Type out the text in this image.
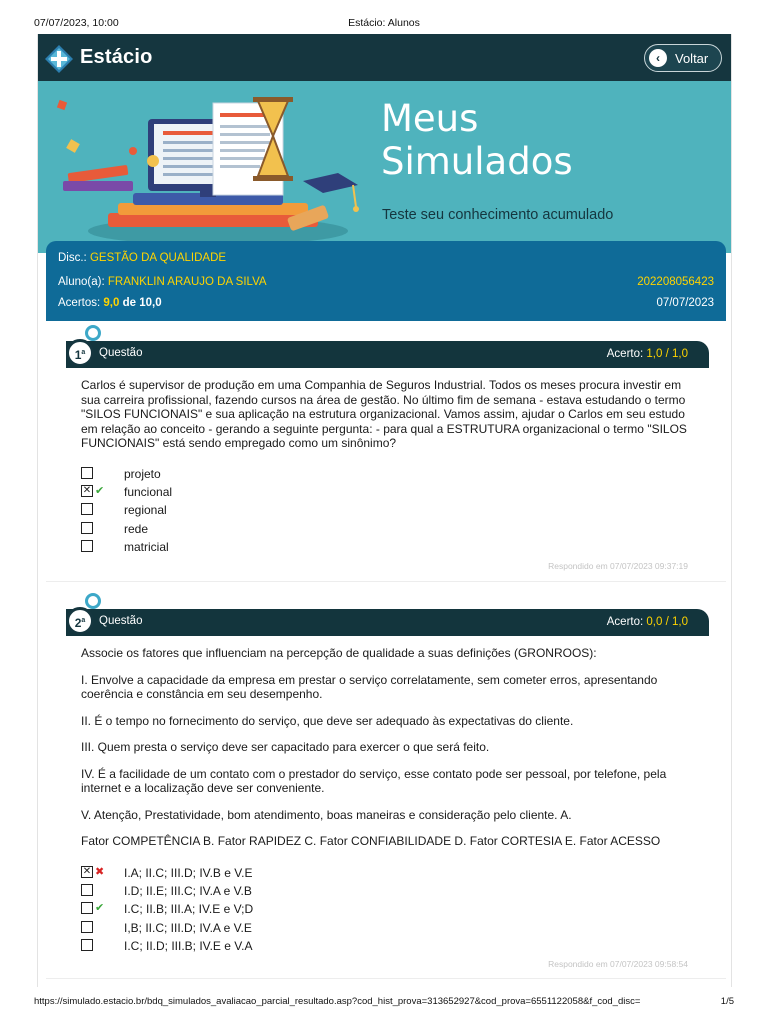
07/07/2023, 10:00	Estácio: Alunos
Estácio	‹	Voltar
Meus
Simulados
Teste seu conhecimento acumulado
Disc.: GESTÃO DA QUALIDADE
Aluno(a): FRANKLIN ARAUJO DA SILVA	202208056423
Acertos: 9,0 de 10,0	07/07/2023
1$^a$	Questão	Acerto: 1,0 / 1,0

Carlos é supervisor de produção em uma Companhia de Seguros Industrial. Todos os meses procura investir em sua carreira profissional, fazendo cursos na área de gestão. No último fim de semana - estava estudando o termo "SILOS FUNCIONAIS" e sua aplicação na estrutura organizacional. Vamos assim, ajudar o Carlos em seu estudo em relação ao conceito - gerando a seguinte pergunta: - para qual a ESTRUTURA organizacional o termo "SILOS FUNCIONAIS" está sendo empregado como um sinônimo?

projeto
✕ ✔ funcional
regional
rede
matricial
Respondido em 07/07/2023 09:37:19
2$^a$	Questão	Acerto: 0,0 / 1,0

Associe os fatores que influenciam na percepção de qualidade a suas definições (GRONROOS):

I. Envolve a capacidade da empresa em prestar o serviço correlatamente, sem cometer erros, apresentando coerência e constância em seu desempenho.

II. É o tempo no fornecimento do serviço, que deve ser adequado às expectativas do cliente.

III. Quem presta o serviço deve ser capacitado para exercer o que será feito.

IV. É a facilidade de um contato com o prestador do serviço, esse contato pode ser pessoal, por telefone, pela internet e a localização deve ser conveniente.

V. Atenção, Prestatividade, bom atendimento, boas maneiras e consideração pelo cliente. A.

Fator COMPETÊNCIA B. Fator RAPIDEZ C. Fator CONFIABILIDADE D. Fator CORTESIA E. Fator ACESSO

✕ ✖ I.A; II.C; III.D; IV.B e V.E
I.D; II.E; III.C; IV.A e V.B
✔ I.C; II.B; III.A; IV.E e V;D
I,B; II.C; III.D; IV.A e V.E
I.C; II.D; III.B; IV.E e V.A
Respondido em 07/07/2023 09:58:54
https://simulado.estacio.br/bdq_simulados_avaliacao_parcial_resultado.asp?cod_hist_prova=313652927&cod_prova=6551122058&f_cod_disc=	1/5
